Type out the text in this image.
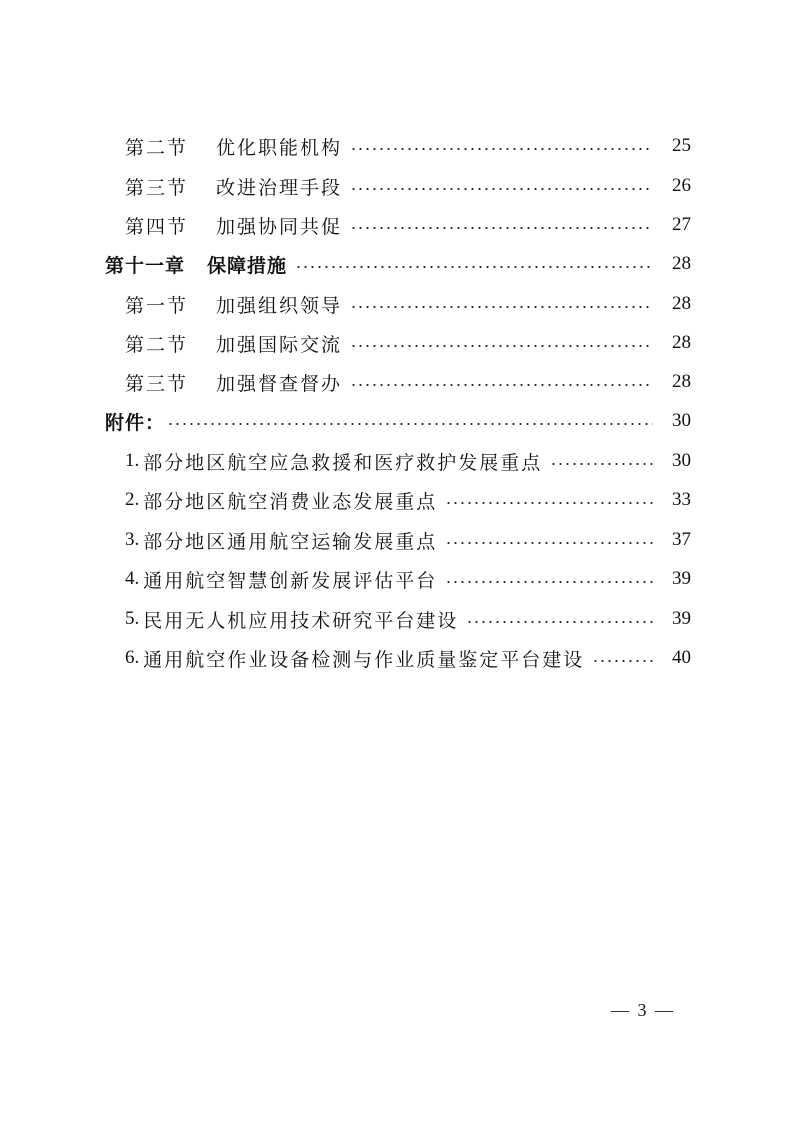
第二节 优化职能机构	25
第三节 改进治理手段	26
第四节 加强协同共促	27
第十一章 保障措施	28
第一节 加强组织领导	28
第二节 加强国际交流	28
第三节 加强督查督办	28
附件：	30
1. 部分地区航空应急救援和医疗救护发展重点	30
2. 部分地区航空消费业态发展重点	33
3. 部分地区通用航空运输发展重点	37
4. 通用航空智慧创新发展评估平台	39
5. 民用无人机应用技术研究平台建设	39
6. 通用航空作业设备检测与作业质量鉴定平台建设	40
— 3 —
